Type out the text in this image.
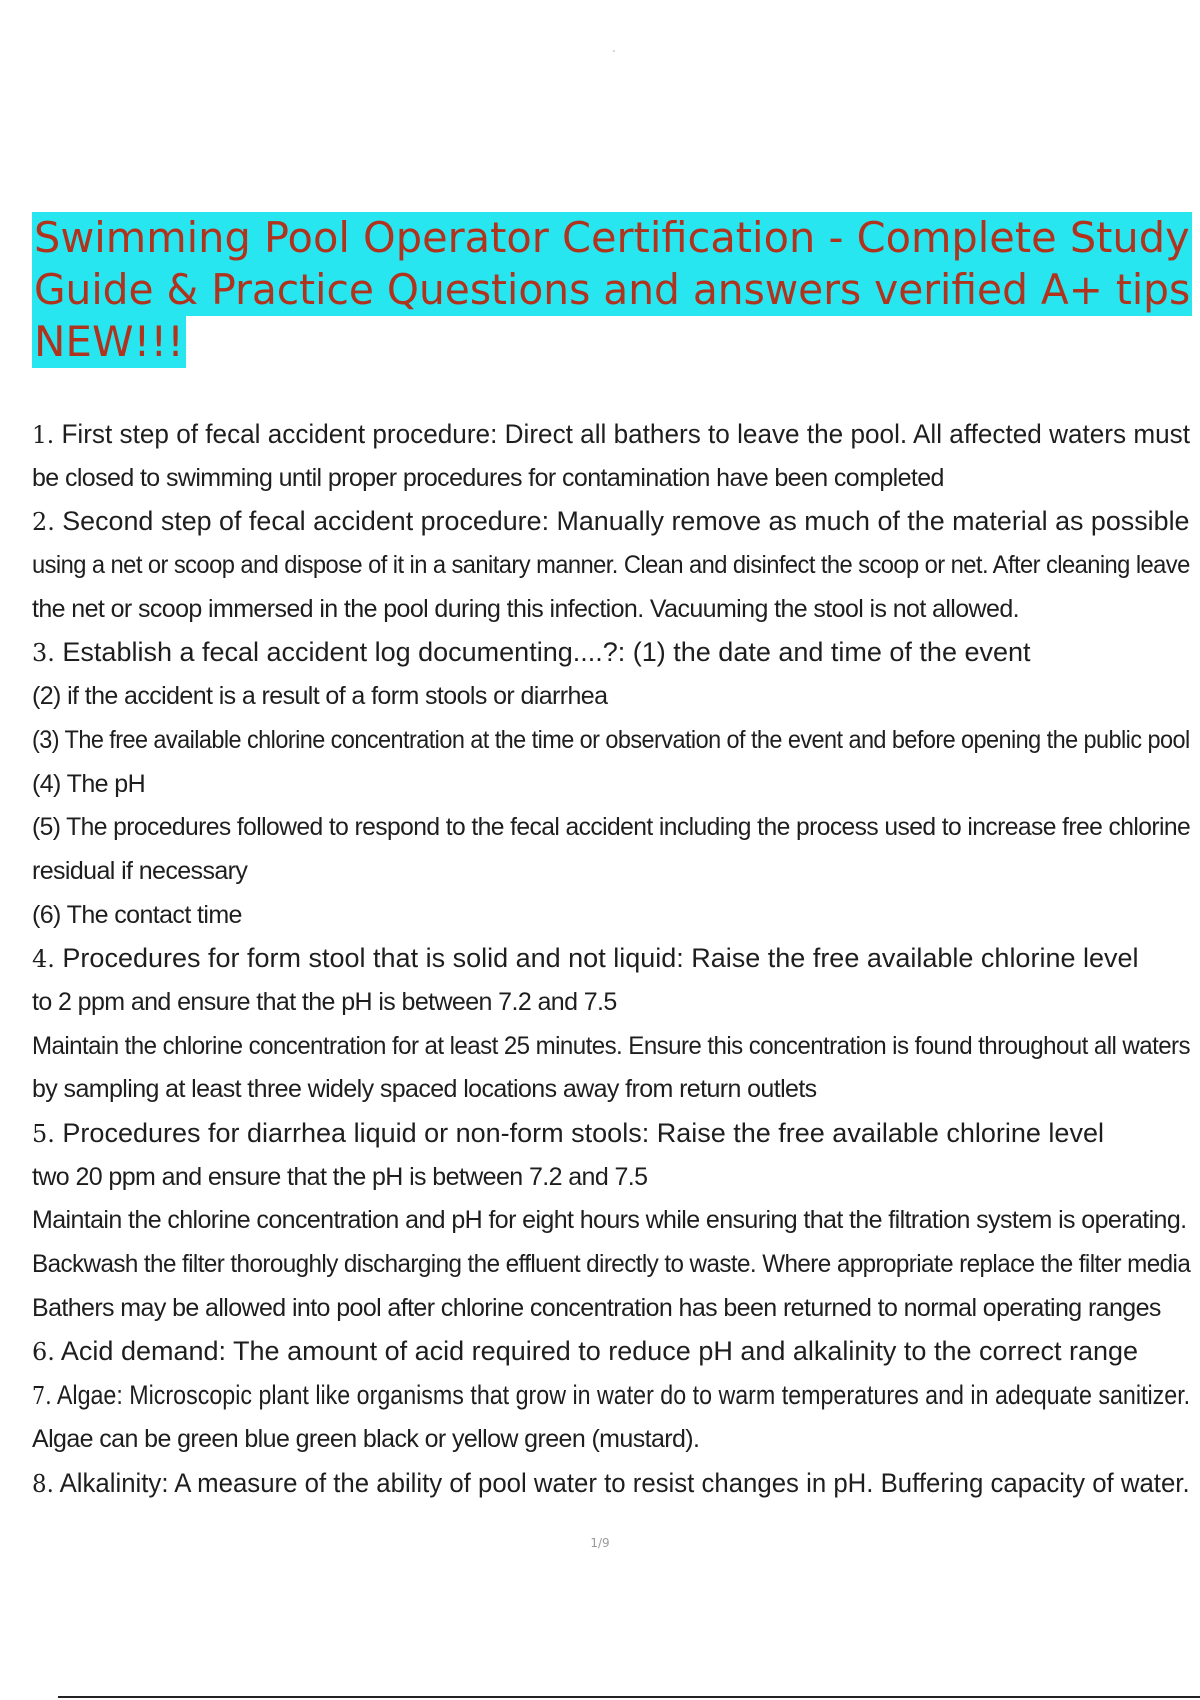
Swimming Pool Operator Certification - Complete Study
Guide & Practice Questions and answers verified A+ tips
NEW!!!
1. First step of fecal accident procedure: Direct all bathers to leave the pool. All affected waters must
be closed to swimming until proper procedures for contamination have been completed
2. Second step of fecal accident procedure: Manually remove as much of the material as possible
using a net or scoop and dispose of it in a sanitary manner. Clean and disinfect the scoop or net. After cleaning leave
the net or scoop immersed in the pool during this infection. Vacuuming the stool is not allowed.
3. Establish a fecal accident log documenting....?: (1) the date and time of the event
(2) if the accident is a result of a form stools or diarrhea
(3) The free available chlorine concentration at the time or observation of the event and before opening the public pool
(4) The pH
(5) The procedures followed to respond to the fecal accident including the process used to increase free chlorine
residual if necessary
(6) The contact time
4. Procedures for form stool that is solid and not liquid: Raise the free available chlorine level
to 2 ppm and ensure that the pH is between 7.2 and 7.5
Maintain the chlorine concentration for at least 25 minutes. Ensure this concentration is found throughout all waters
by sampling at least three widely spaced locations away from return outlets
5. Procedures for diarrhea liquid or non-form stools: Raise the free available chlorine level
two 20 ppm and ensure that the pH is between 7.2 and 7.5
Maintain the chlorine concentration and pH for eight hours while ensuring that the filtration system is operating.
Backwash the filter thoroughly discharging the effluent directly to waste. Where appropriate replace the filter media
Bathers may be allowed into pool after chlorine concentration has been returned to normal operating ranges
6. Acid demand: The amount of acid required to reduce pH and alkalinity to the correct range
7. Algae: Microscopic plant like organisms that grow in water do to warm temperatures and in adequate sanitizer.
Algae can be green blue green black or yellow green (mustard).
8. Alkalinity: A measure of the ability of pool water to resist changes in pH. Buffering capacity of water.
1/9
